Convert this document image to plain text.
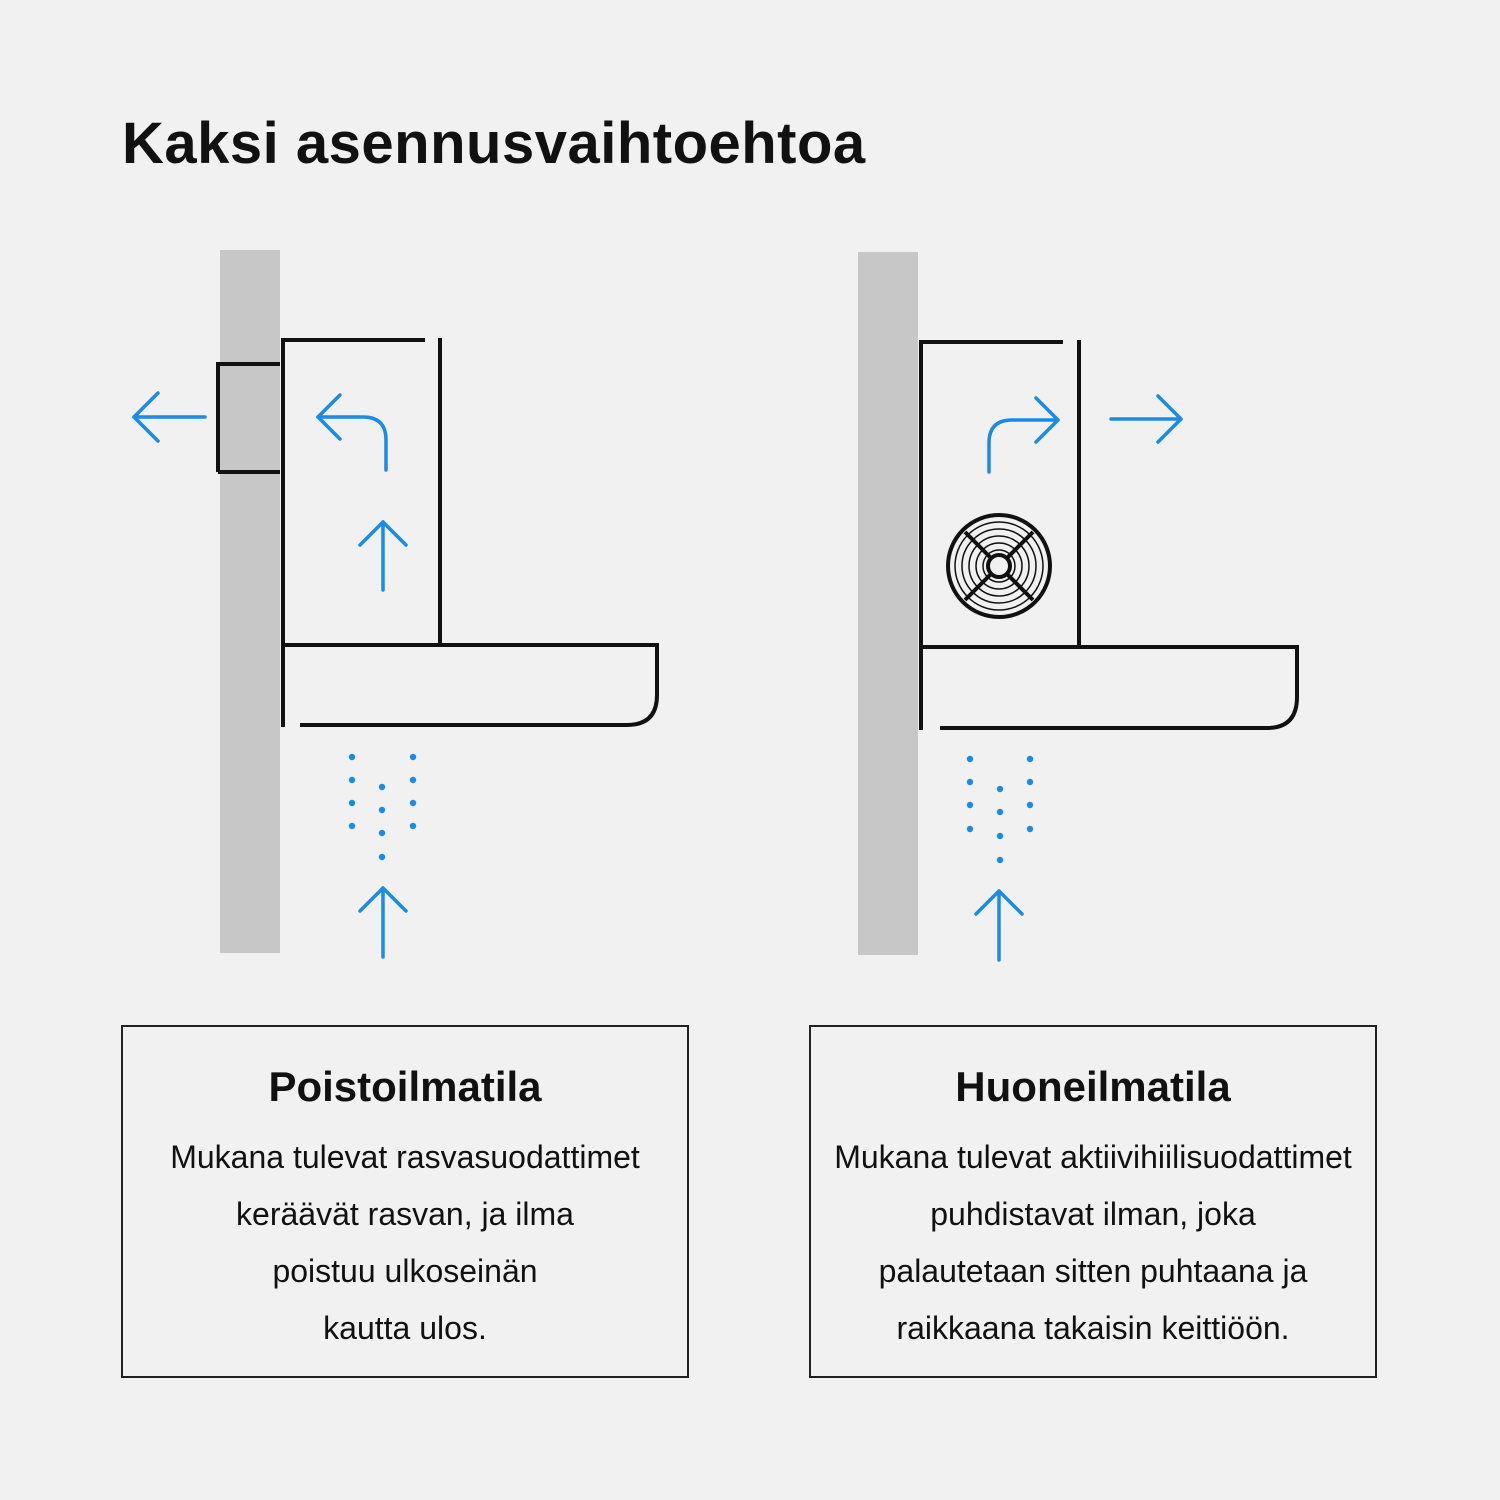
Kaksi asennusvaihtoehtoa
Poistoilmatila

Mukana tulevat rasvasuodattimet
keräävät rasvan, ja ilma
poistuu ulkoseinän
kautta ulos.

Huoneilmatila

Mukana tulevat aktiivihiilisuodattimet
puhdistavat ilman, joka
palautetaan sitten puhtaana ja
raikkaana takaisin keittiöön.
